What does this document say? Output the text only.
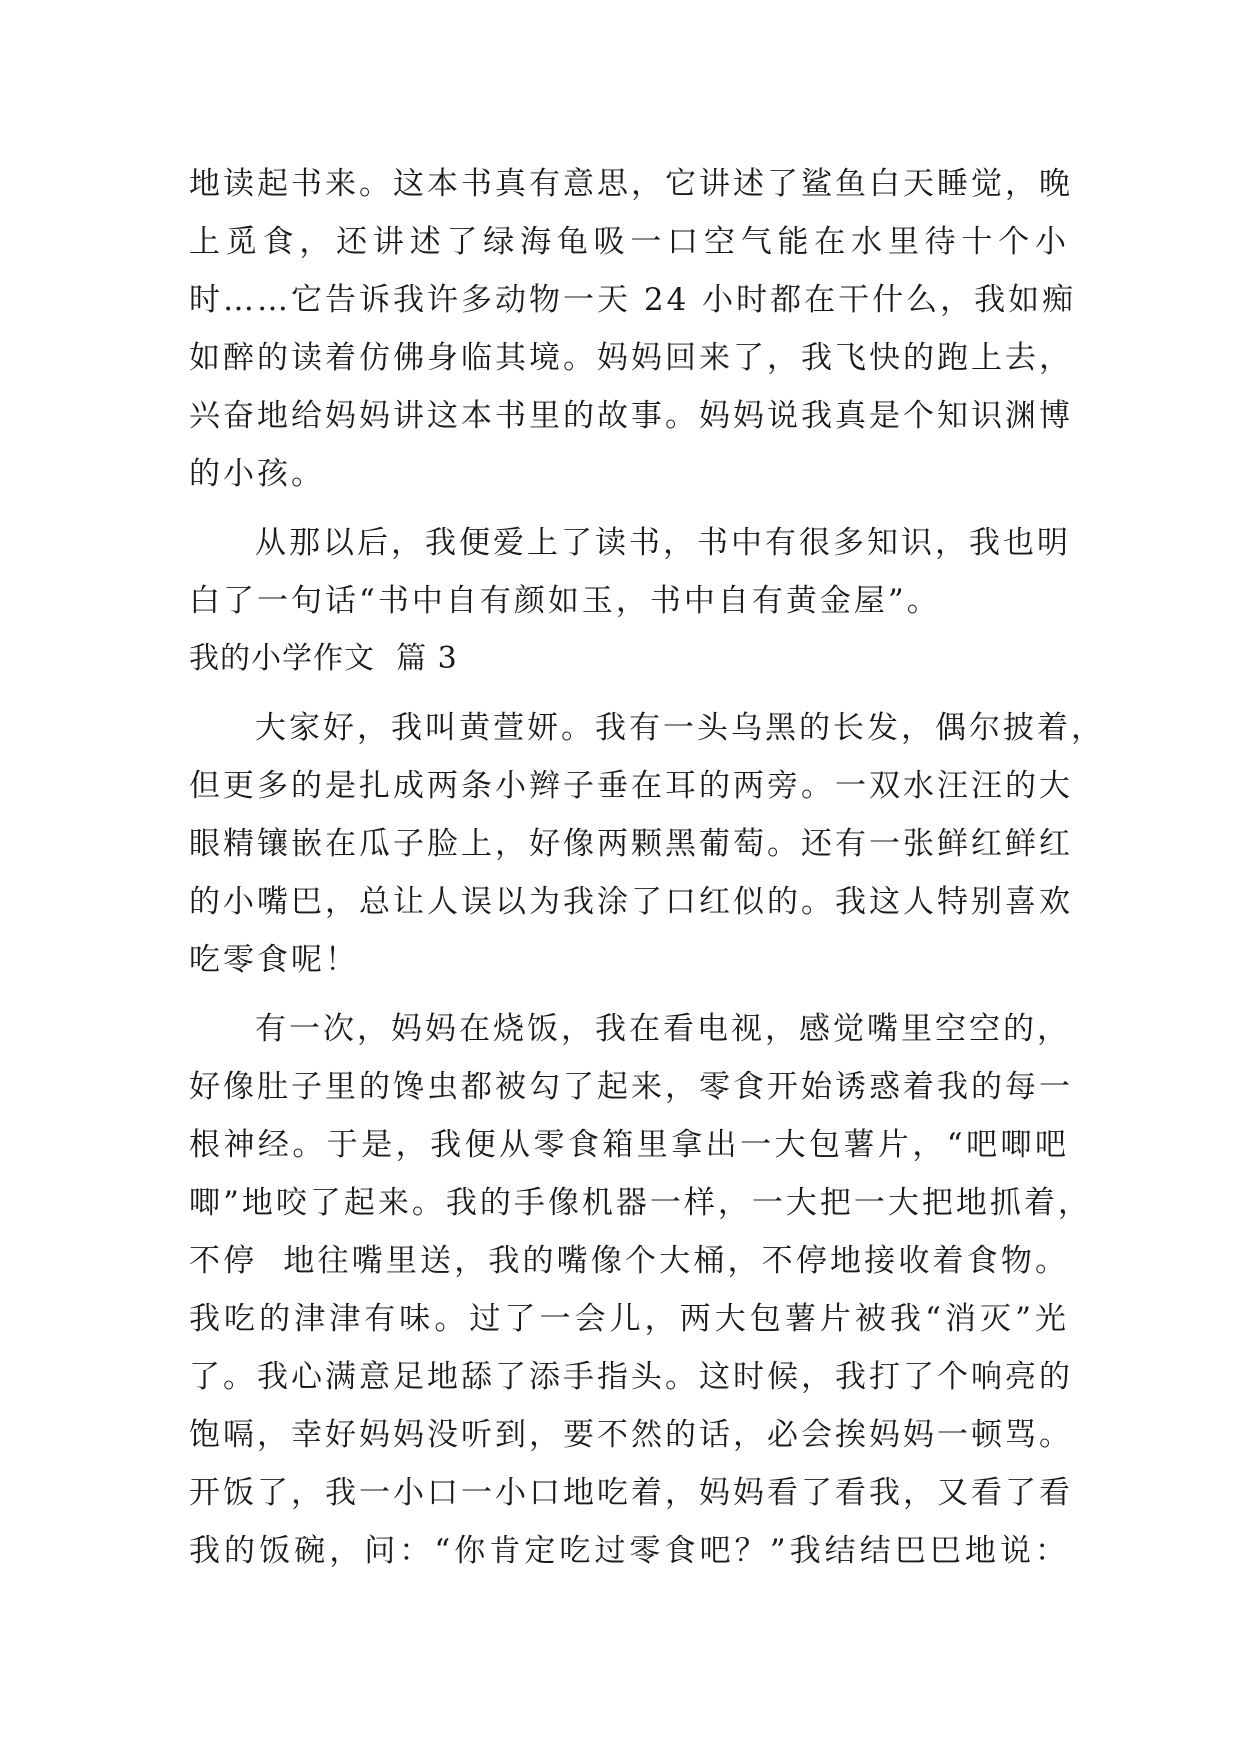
地读起书来。这本书真有意思，它讲述了鲨鱼白天睡觉，晚
上觅食，还讲述了绿海龟吸一口空气能在水里待十个小
时……它告诉我许多动物一天 24 小时都在干什么，我如痴
如醉的读着仿佛身临其境。妈妈回来了，我飞快的跑上去，
兴奋地给妈妈讲这本书里的故事。妈妈说我真是个知识渊博
的小孩。
从那以后，我便爱上了读书，书中有很多知识，我也明
白了一句话“书中自有颜如玉，书中自有黄金屋”。
我的小学作文  篇 3
大家好，我叫黄萱妍。我有一头乌黑的长发，偶尔披着，
但更多的是扎成两条小辫子垂在耳的两旁。一双水汪汪的大
眼精镶嵌在瓜子脸上，好像两颗黑葡萄。还有一张鲜红鲜红
的小嘴巴，总让人误以为我涂了口红似的。我这人特别喜欢
吃零食呢！
有一次，妈妈在烧饭，我在看电视，感觉嘴里空空的，
好像肚子里的馋虫都被勾了起来，零食开始诱惑着我的每一
根神经。于是，我便从零食箱里拿出一大包薯片，“吧唧吧
唧”地咬了起来。我的手像机器一样，一大把一大把地抓着，
不停  地往嘴里送，我的嘴像个大桶，不停地接收着食物。
我吃的津津有味。过了一会儿，两大包薯片被我“消灭”光
了。我心满意足地舔了添手指头。这时候，我打了个响亮的
饱嗝，幸好妈妈没听到，要不然的话，必会挨妈妈一顿骂。
开饭了，我一小口一小口地吃着，妈妈看了看我，又看了看
我的饭碗，问：“你肯定吃过零食吧？”我结结巴巴地说：
